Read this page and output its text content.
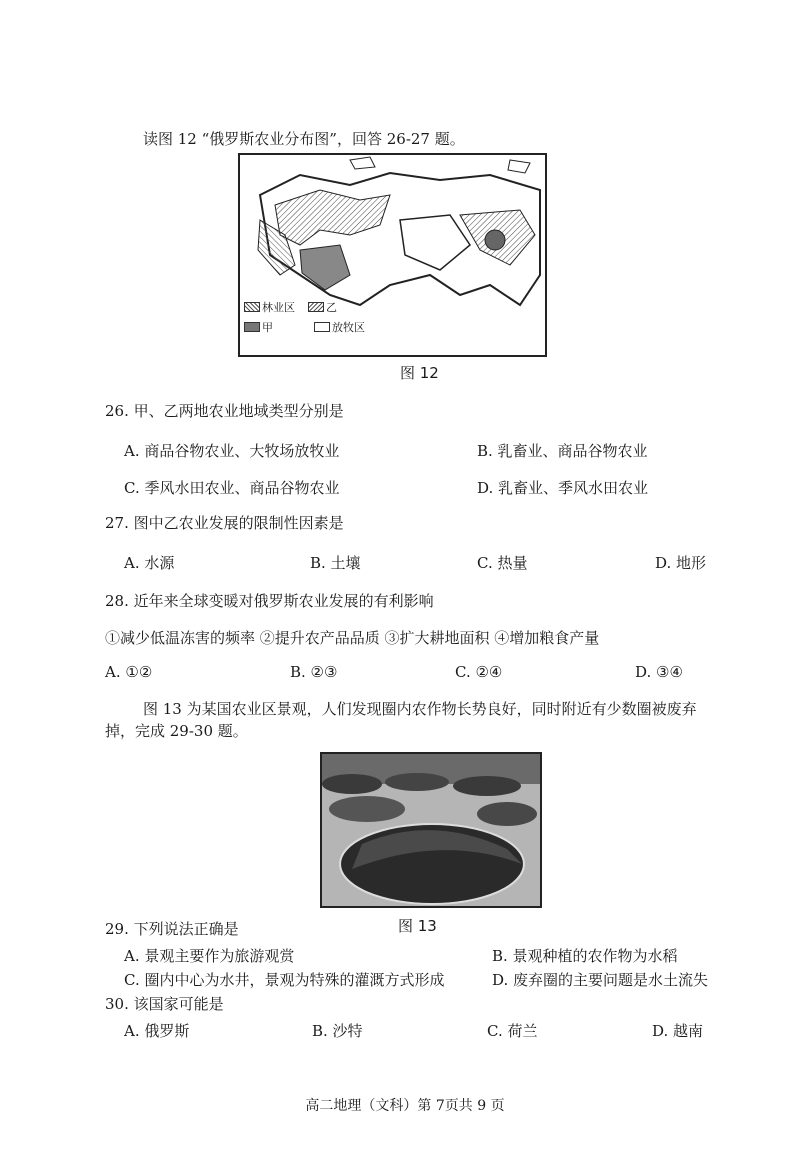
读图 12 “俄罗斯农业分布图”，回答 26-27 题。
林业区	乙
甲	放牧区
图 12
26. 甲、乙两地农业地域类型分别是
A. 商品谷物农业、大牧场放牧业	B. 乳畜业、商品谷物农业
C. 季风水田农业、商品谷物农业	D. 乳畜业、季风水田农业
27. 图中乙农业发展的限制性因素是
A. 水源	B. 土壤	C. 热量	D. 地形
28. 近年来全球变暖对俄罗斯农业发展的有利影响
①减少低温冻害的频率 ②提升农产品品质 ③扩大耕地面积 ④增加粮食产量
A. ①②	B. ②③	C. ②④	D. ③④
图 13 为某国农业区景观，人们发现圈内农作物长势良好，同时附近有少数圈被废弃
掉，完成 29-30 题。
29. 下列说法正确是	图 13
A. 景观主要作为旅游观赏	B. 景观种植的农作物为水稻
C. 圈内中心为水井，景观为特殊的灌溉方式形成	D. 废弃圈的主要问题是水土流失
30. 该国家可能是
A. 俄罗斯	B. 沙特	C. 荷兰	D. 越南
高二地理（文科）第 7页共 9 页
